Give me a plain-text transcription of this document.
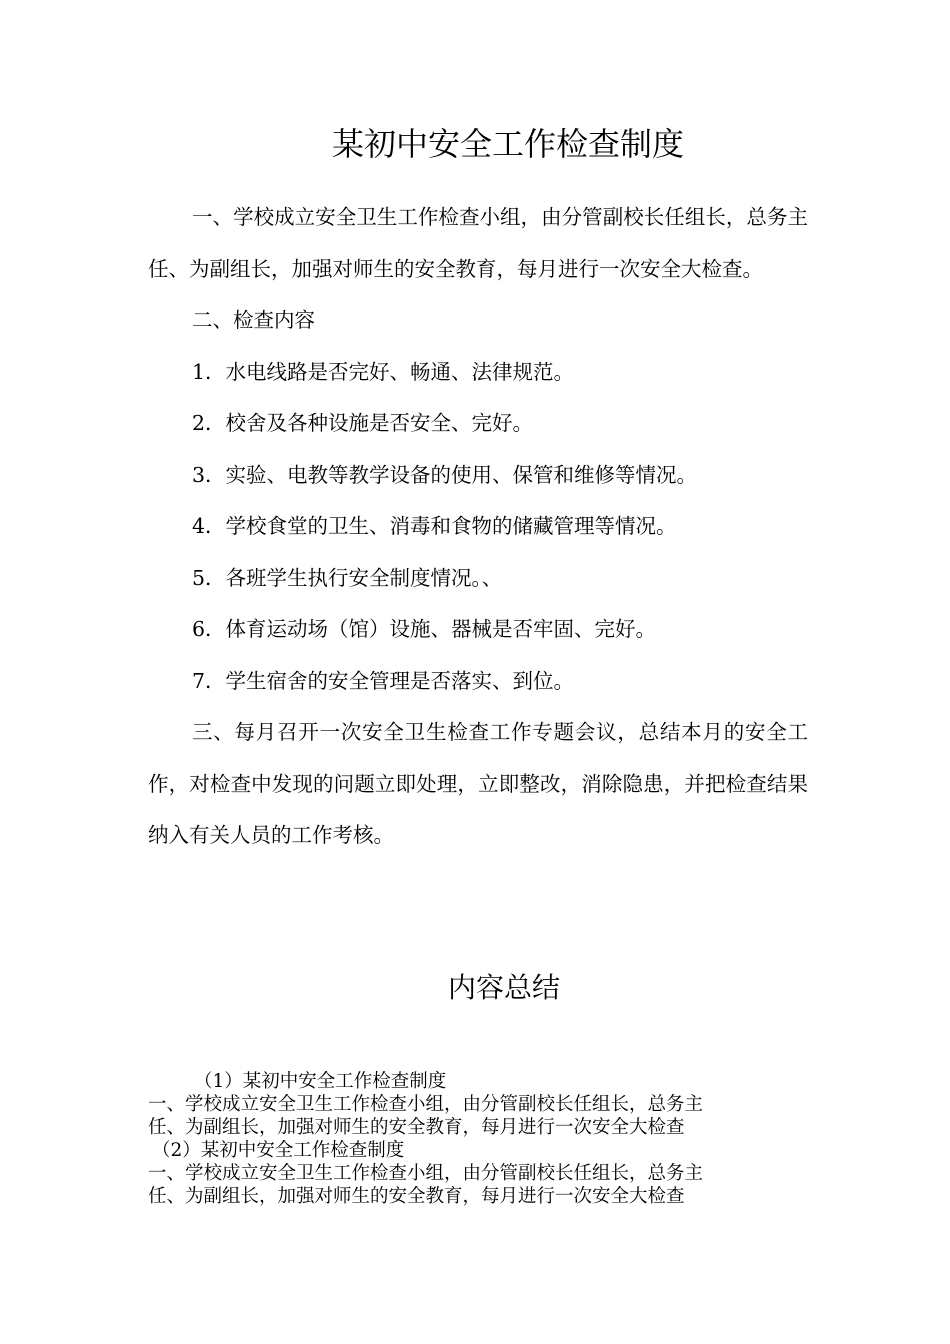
某初中安全工作检查制度

一、学校成立安全卫生工作检查小组，由分管副校长任组长，总务主任、为副组长，加强对师生的安全教育，每月进行一次安全大检查。

二、检查内容

1．水电线路是否完好、畅通、法律规范。

2．校舍及各种设施是否安全、完好。

3．实验、电教等教学设备的使用、保管和维修等情况。

4．学校食堂的卫生、消毒和食物的储藏管理等情况。

5．各班学生执行安全制度情况。、

6．体育运动场（馆）设施、器械是否牢固、完好。

7．学生宿舍的安全管理是否落实、到位。

三、每月召开一次安全卫生检查工作专题会议，总结本月的安全工作，对检查中发现的问题立即处理，立即整改，消除隐患，并把检查结果纳入有关人员的工作考核。

内容总结

（1）某初中安全工作检查制度

一、学校成立安全卫生工作检查小组，由分管副校长任组长，总务主

任、为副组长，加强对师生的安全教育，每月进行一次安全大检查

（2）某初中安全工作检查制度

一、学校成立安全卫生工作检查小组，由分管副校长任组长，总务主

任、为副组长，加强对师生的安全教育，每月进行一次安全大检查
